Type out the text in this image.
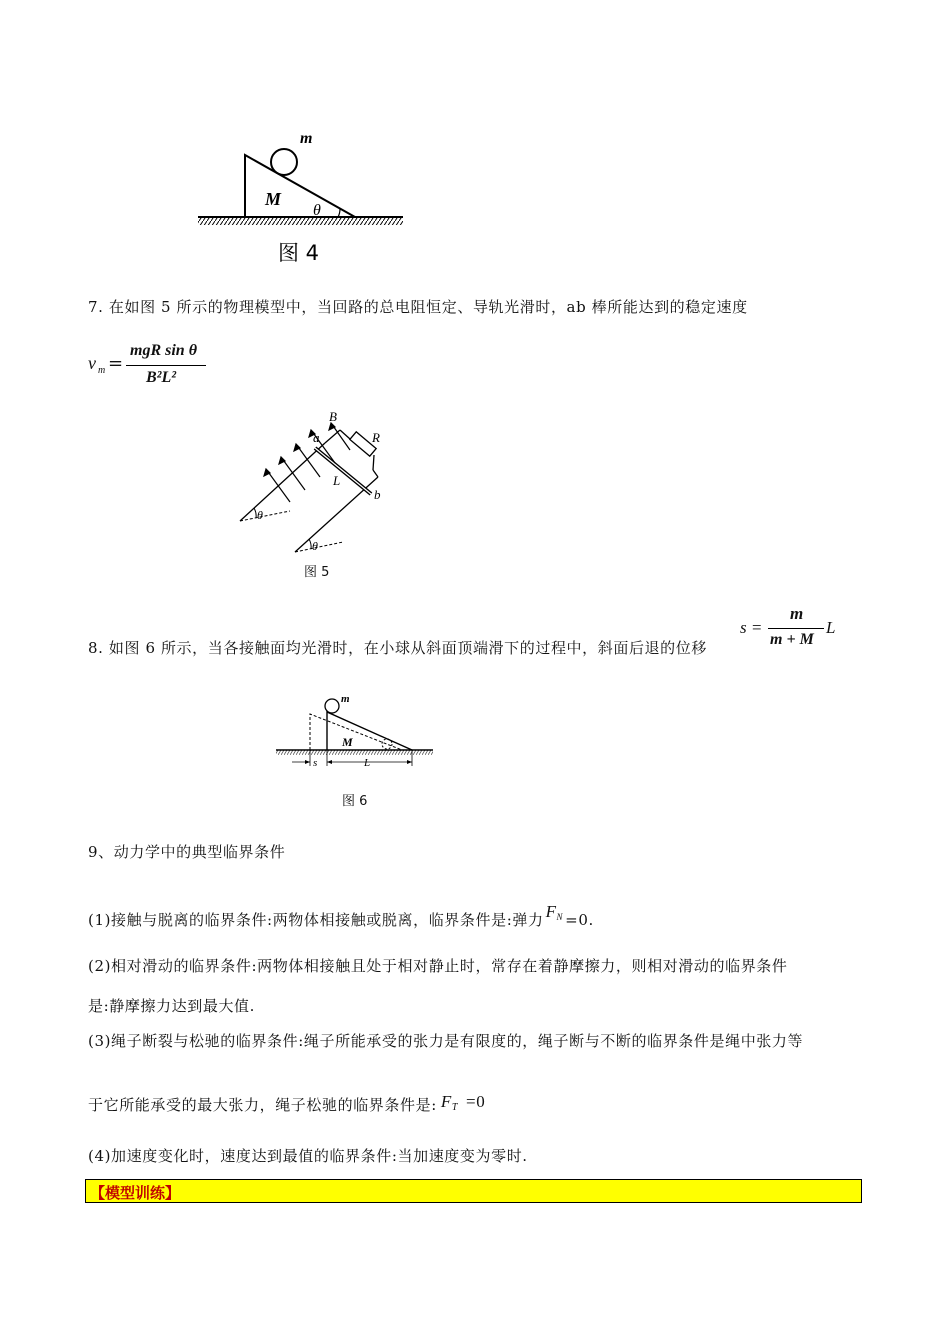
m
M
θ
图 4
7. 在如图 5 所示的物理模型中，当回路的总电阻恒定、导轨光滑时，ab 棒所能达到的稳定速度
v m =
mgR sin θ
B²L²
B
R
a
b
L
θ
θ
图 5
s =
m
m + M
L
8. 如图 6 所示，当各接触面均光滑时，在小球从斜面顶端滑下的过程中，斜面后退的位移
m
M
s	L
图 6
9、动力学中的典型临界条件
(1)接触与脱离的临界条件:两物体相接触或脱离，临界条件是:弹力 $F^N =0$.
(2)相对滑动的临界条件:两物体相接触且处于相对静止时，常存在着静摩擦力，则相对滑动的临界条件
是:静摩擦力达到最大值.
(3)绳子断裂与松驰的临界条件:绳子所能承受的张力是有限度的，绳子断与不断的临界条件是绳中张力等
于它所能承受的最大张力，绳子松驰的临界条件是: FT =0
(4)加速度变化时，速度达到最值的临界条件:当加速度变为零时.
【模型训练】
